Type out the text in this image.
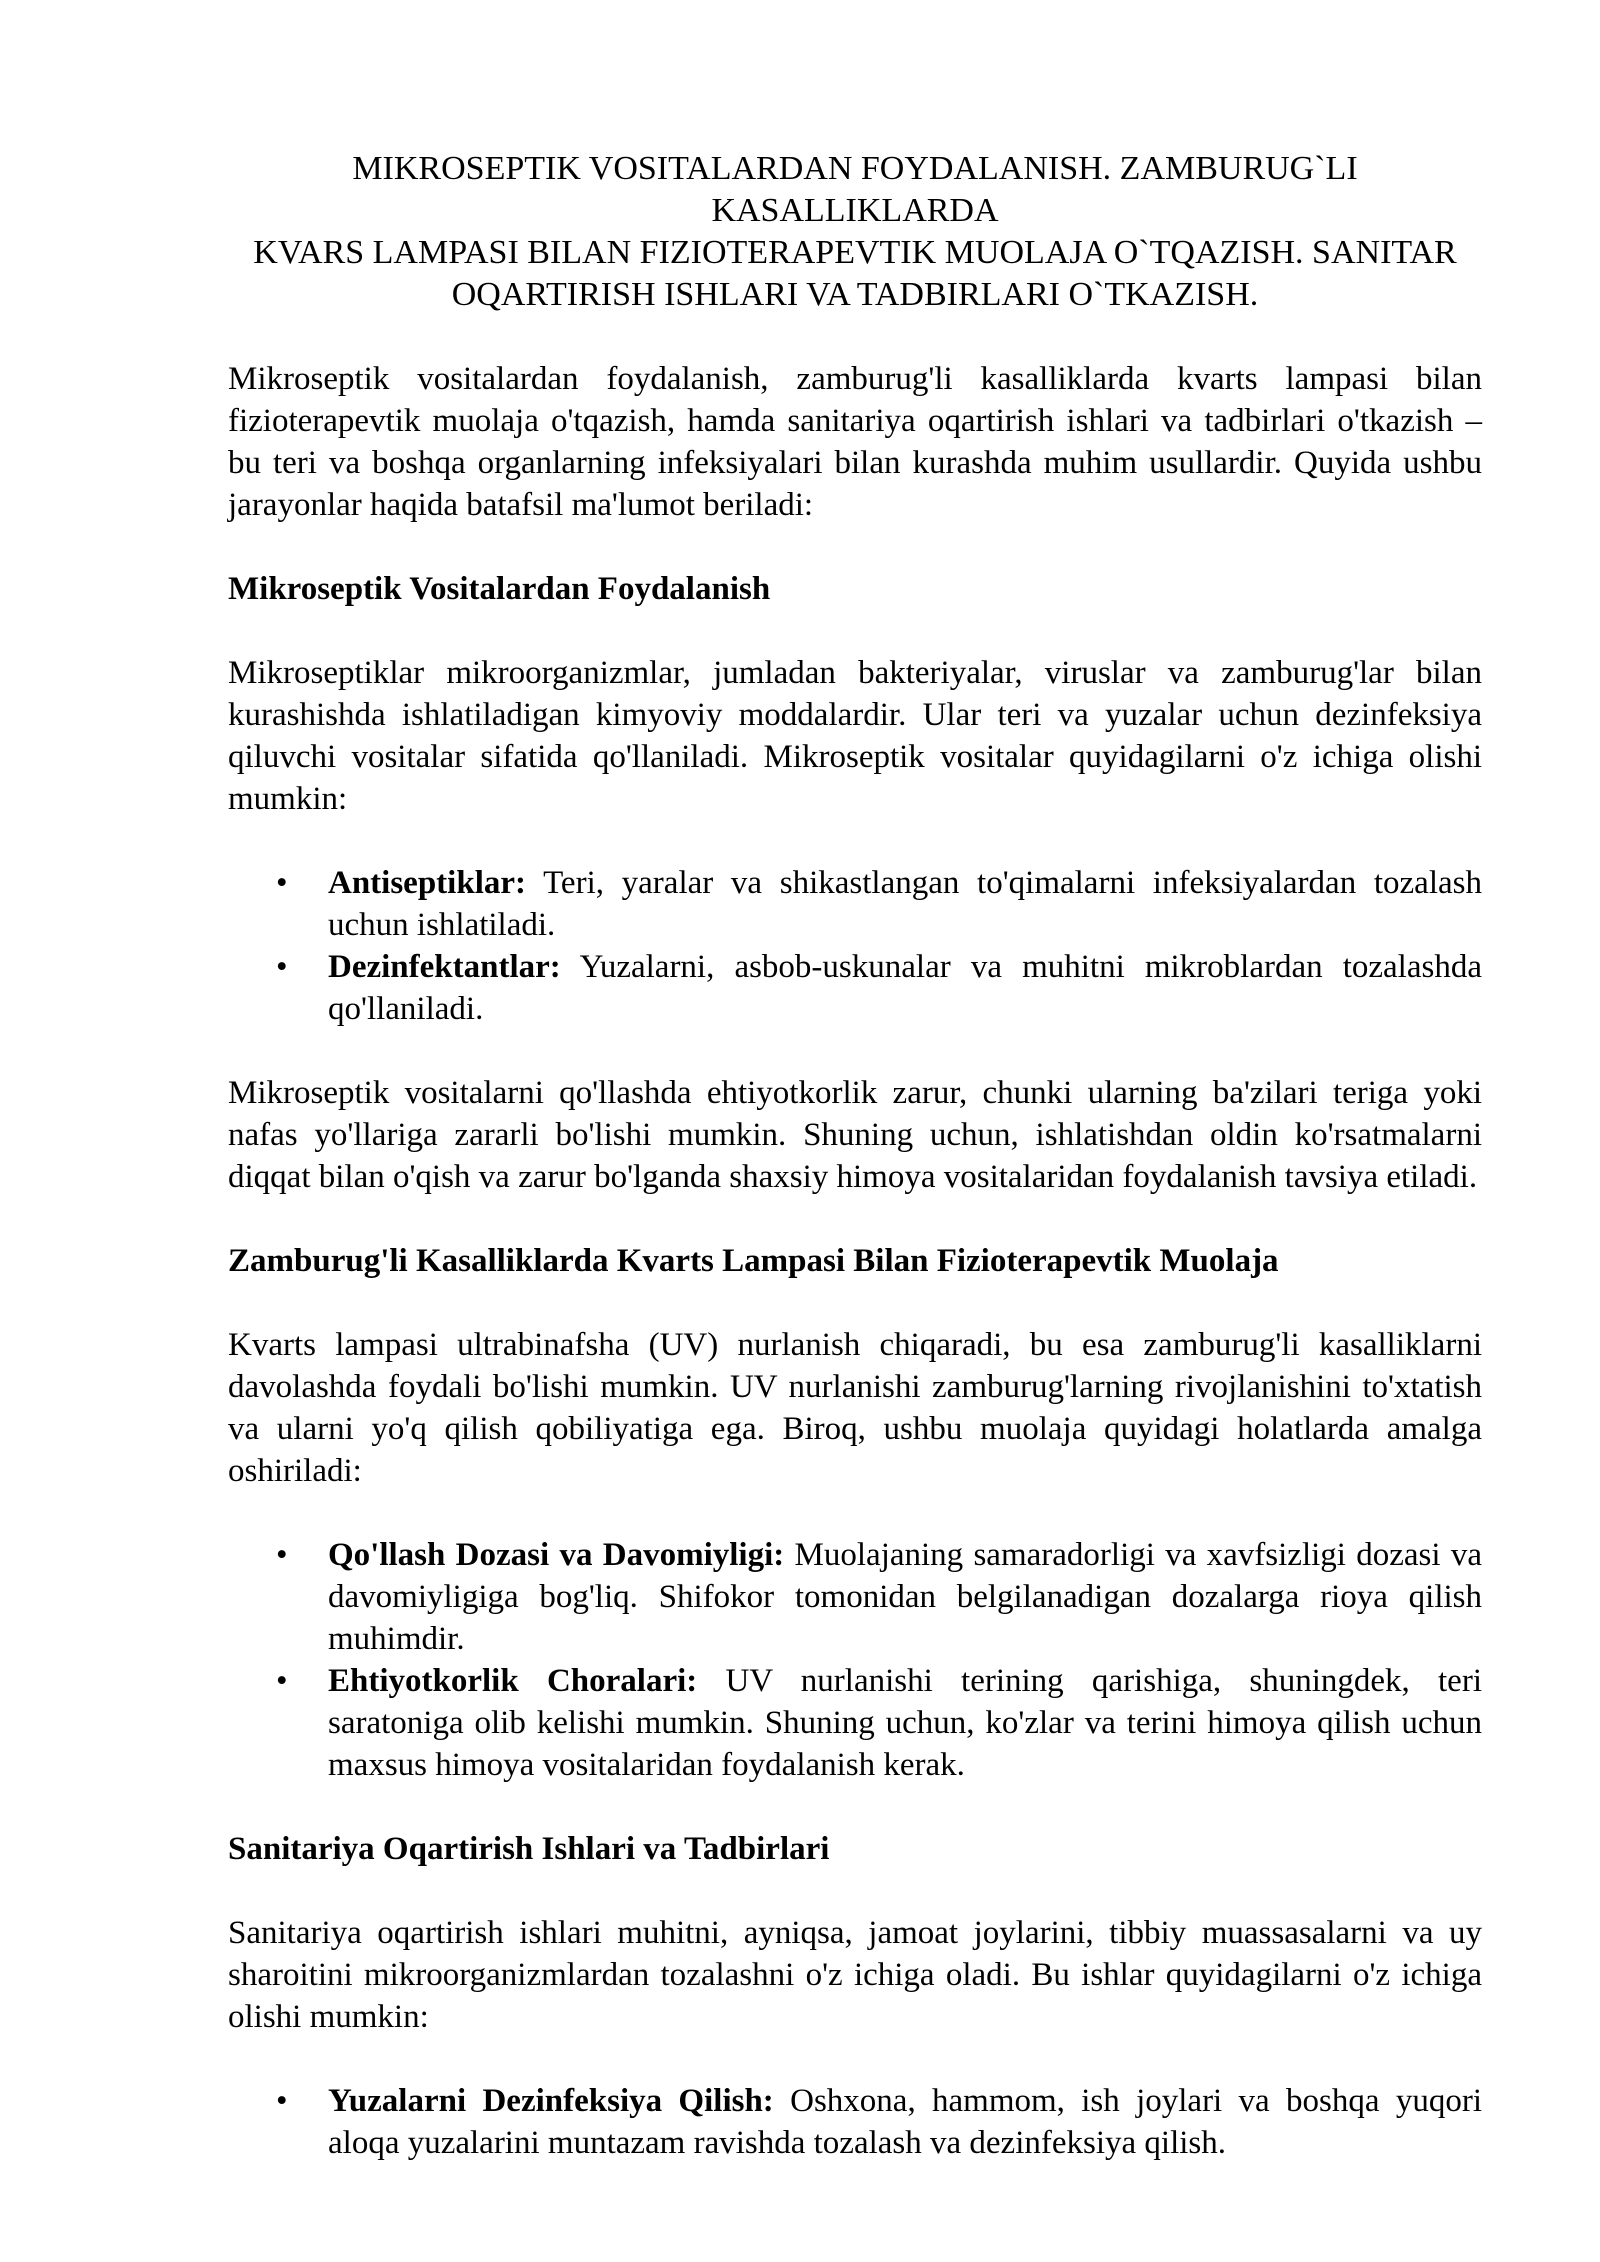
MIKROSEPTIK VOSITALARDAN FOYDALANISH. ZAMBURUG`LI KASALLIKLARDA
KVARS LAMPASI BILAN FIZIOTERAPEVTIK MUOLAJA O`TQAZISH. SANITAR
OQARTIRISH ISHLARI VA TADBIRLARI O`TKAZISH.

Mikroseptik vositalardan foydalanish, zamburug'li kasalliklarda kvarts lampasi bilan fizioterapevtik muolaja o'tqazish, hamda sanitariya oqartirish ishlari va tadbirlari o'tkazish – bu teri va boshqa organlarning infeksiyalari bilan kurashda muhim usullardir. Quyida ushbu jarayonlar haqida batafsil ma'lumot beriladi:

Mikroseptik Vositalardan Foydalanish

Mikroseptiklar mikroorganizmlar, jumladan bakteriyalar, viruslar va zamburug'lar bilan kurashishda ishlatiladigan kimyoviy moddalardir. Ular teri va yuzalar uchun dezinfeksiya qiluvchi vositalar sifatida qo'llaniladi. Mikroseptik vositalar quyidagilarni o'z ichiga olishi mumkin:

• Antiseptiklar: Teri, yaralar va shikastlangan to'qimalarni infeksiyalardan tozalash uchun ishlatiladi.
• Dezinfektantlar: Yuzalarni, asbob-uskunalar va muhitni mikroblardan tozalashda qo'llaniladi.

Mikroseptik vositalarni qo'llashda ehtiyotkorlik zarur, chunki ularning ba'zilari teriga yoki nafas yo'llariga zararli bo'lishi mumkin. Shuning uchun, ishlatishdan oldin ko'rsatmalarni diqqat bilan o'qish va zarur bo'lganda shaxsiy himoya vositalaridan foydalanish tavsiya etiladi.

Zamburug'li Kasalliklarda Kvarts Lampasi Bilan Fizioterapevtik Muolaja

Kvarts lampasi ultrabinafsha (UV) nurlanish chiqaradi, bu esa zamburug'li kasalliklarni davolashda foydali bo'lishi mumkin. UV nurlanishi zamburug'larning rivojlanishini to'xtatish va ularni yo'q qilish qobiliyatiga ega. Biroq, ushbu muolaja quyidagi holatlarda amalga oshiriladi:

• Qo'llash Dozasi va Davomiyligi: Muolajaning samaradorligi va xavfsizligi dozasi va davomiyligiga bog'liq. Shifokor tomonidan belgilanadigan dozalarga rioya qilish muhimdir.
• Ehtiyotkorlik Choralari: UV nurlanishi terining qarishiga, shuningdek, teri saratoniga olib kelishi mumkin. Shuning uchun, ko'zlar va terini himoya qilish uchun maxsus himoya vositalaridan foydalanish kerak.
Sanitariya Oqartirish Ishlari va Tadbirlari

Sanitariya oqartirish ishlari muhitni, ayniqsa, jamoat joylarini, tibbiy muassasalarni va uy sharoitini mikroorganizmlardan tozalashni o'z ichiga oladi. Bu ishlar quyidagilarni o'z ichiga olishi mumkin:

• Yuzalarni Dezinfeksiya Qilish: Oshxona, hammom, ish joylari va boshqa yuqori aloqa yuzalarini muntazam ravishda tozalash va dezinfeksiya qilish.
